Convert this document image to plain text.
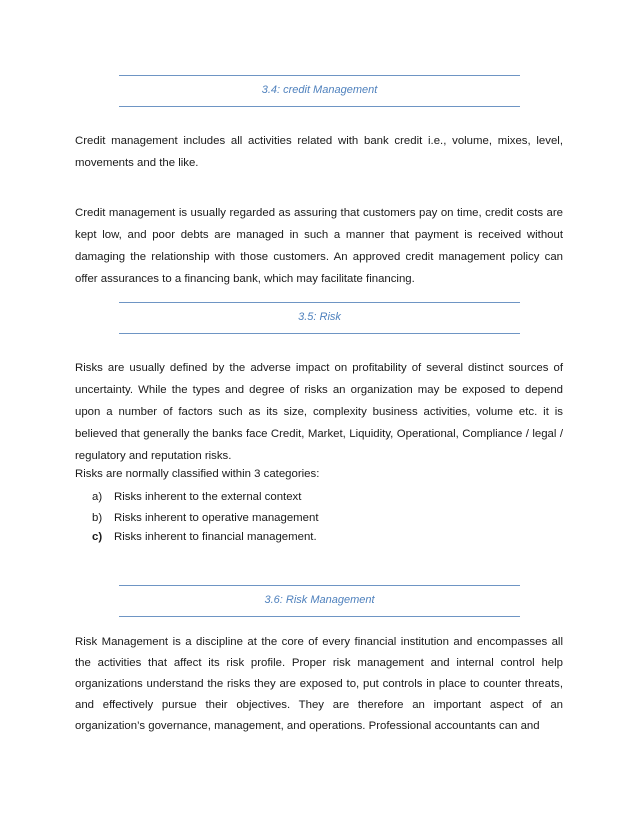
3.4: credit Management

Credit management includes all activities related with bank credit i.e., volume, mixes, level, movements and the like.

Credit management is usually regarded as assuring that customers pay on time, credit costs are kept low, and poor debts are managed in such a manner that payment is received without damaging the relationship with those customers. An approved credit management policy can offer assurances to a financing bank, which may facilitate financing.

3.5: Risk

Risks are usually defined by the adverse impact on profitability of several distinct sources of uncertainty. While the types and degree of risks an organization may be exposed to depend upon a number of factors such as its size, complexity business activities, volume etc. it is believed that generally the banks face Credit, Market, Liquidity, Operational, Compliance / legal / regulatory and reputation risks.

Risks are normally classified within 3 categories:

a)	Risks inherent to the external context
b)	Risks inherent to operative management
c)	Risks inherent to financial management.
3.6: Risk Management

Risk Management is a discipline at the core of every financial institution and encompasses all the activities that affect its risk profile. Proper risk management and internal control help organizations understand the risks they are exposed to, put controls in place to counter threats, and effectively pursue their objectives. They are therefore an important aspect of an organization’s governance, management, and operations. Professional accountants can and
